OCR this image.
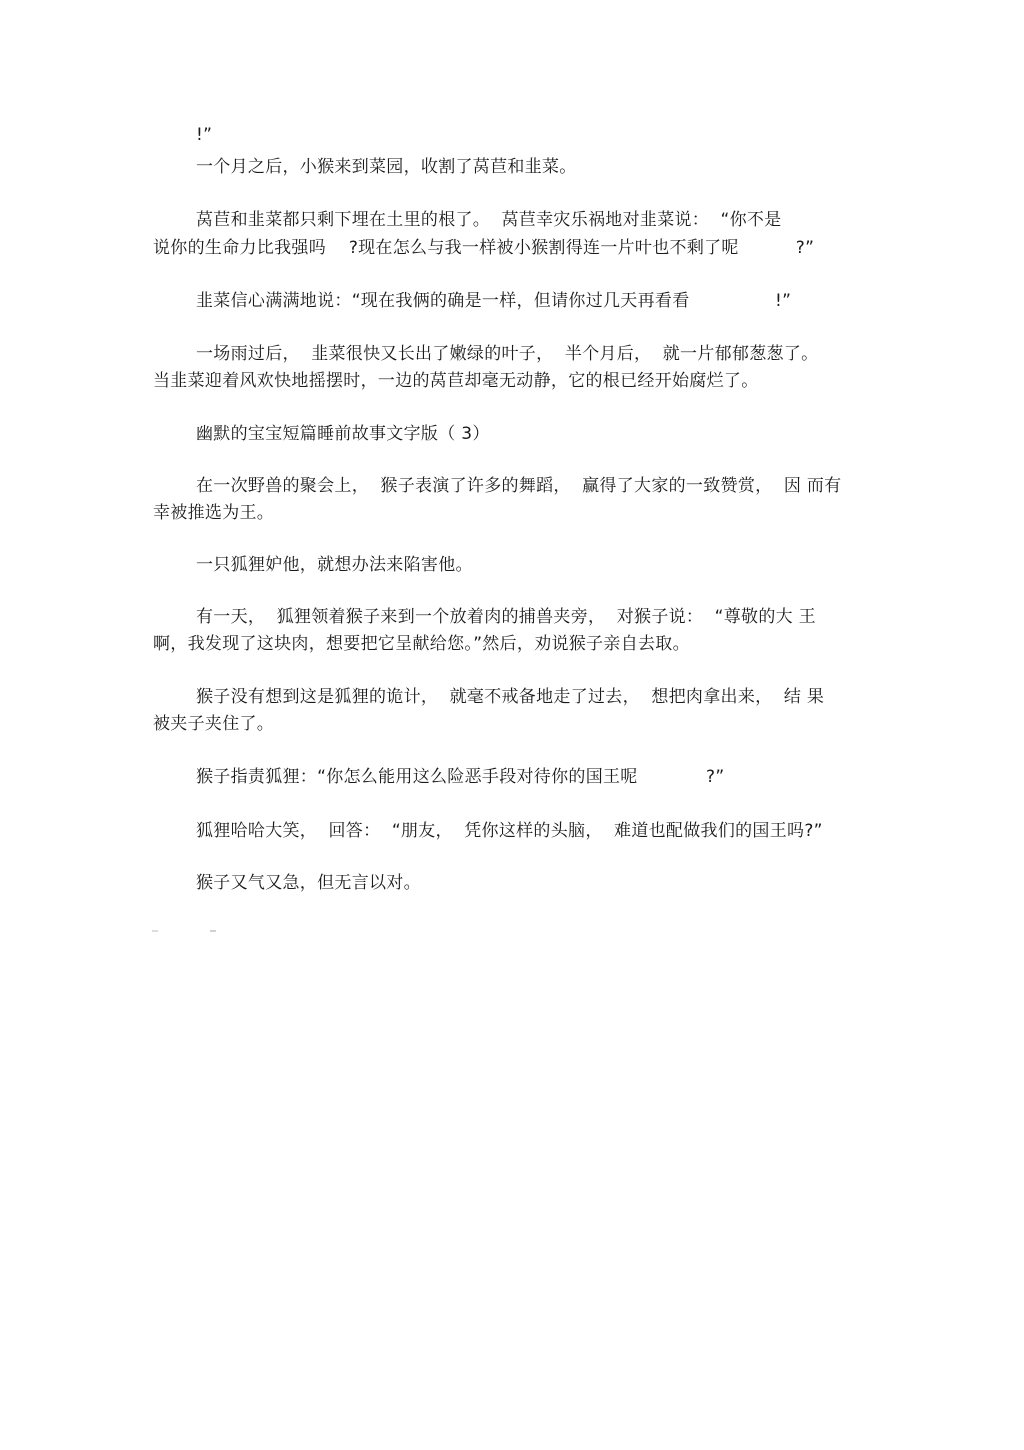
!”
一个月之后，小猴来到菜园，收割了莴苣和韭菜。
莴苣和韭菜都只剩下埋在土里的根了。  莴苣幸灾乐祸地对韭菜说：  “你不是
说你的生命力比我强吗    ?现在怎么与我一样被小猴割得连一片叶也不剩了呢          ?”
韭菜信心满满地说：“现在我俩的确是一样，但请你过几天再看看               !”
一场雨过后，  韭菜很快又长出了嫩绿的叶子，  半个月后，  就一片郁郁葱葱了。
当韭菜迎着风欢快地摇摆时，一边的莴苣却毫无动静，它的根已经开始腐烂了。
幽默的宝宝短篇睡前故事文字版（ 3）
在一次野兽的聚会上，  猴子表演了许多的舞蹈，  赢得了大家的一致赞赏，  因 而有
幸被推选为王。
一只狐狸妒他，就想办法来陷害他。
有一天，  狐狸领着猴子来到一个放着肉的捕兽夹旁，  对猴子说：  “尊敬的大 王
啊，我发现了这块肉，想要把它呈献给您。”然后，劝说猴子亲自去取。
猴子没有想到这是狐狸的诡计，  就毫不戒备地走了过去，  想把肉拿出来，  结 果
被夹子夹住了。
猴子指责狐狸：“你怎么能用这么险恶手段对待你的国王呢            ?”
狐狸哈哈大笑，  回答：  “朋友，  凭你这样的头脑，  难道也配做我们的国王吗?”
猴子又气又急，但无言以对。
